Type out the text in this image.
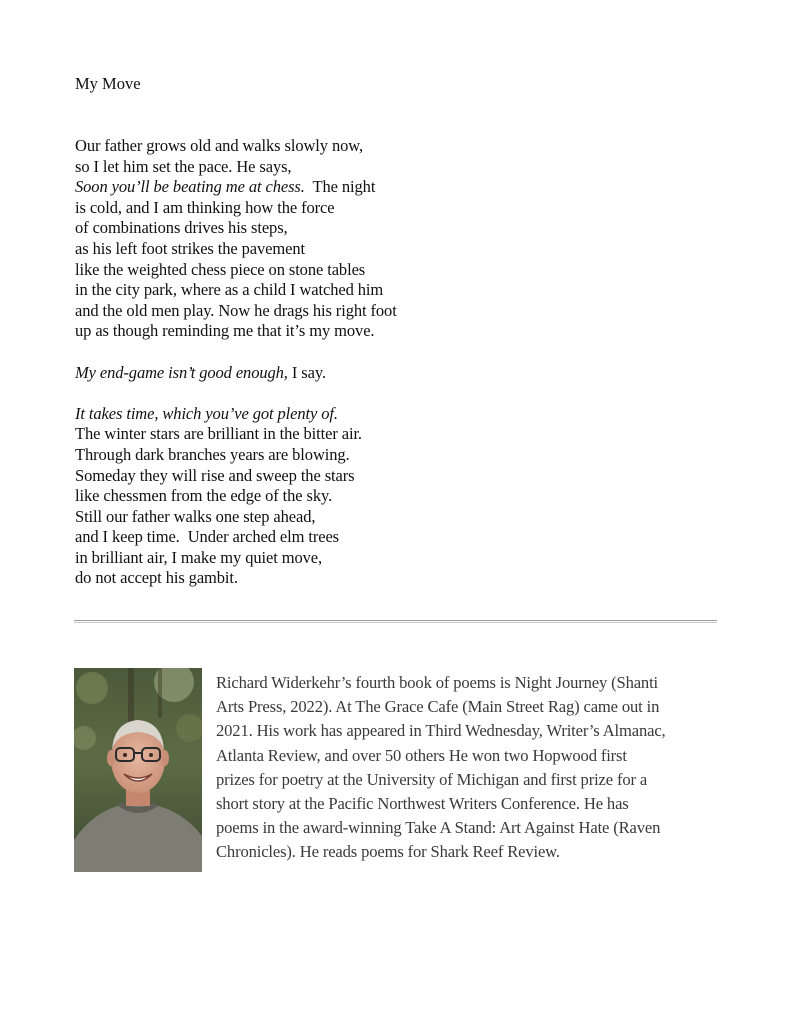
My Move
Our father grows old and walks slowly now,
so I let him set the pace. He says,
Soon you’ll be beating me at chess.  The night
is cold, and I am thinking how the force
of combinations drives his steps,
as his left foot strikes the pavement
like the weighted chess piece on stone tables
in the city park, where as a child I watched him
and the old men play. Now he drags his right foot
up as though reminding me that it’s my move.
My end-game isn’t good enough, I say.
It takes time, which you’ve got plenty of.
The winter stars are brilliant in the bitter air.
Through dark branches years are blowing.
Someday they will rise and sweep the stars
like chessmen from the edge of the sky.
Still our father walks one step ahead,
and I keep time.  Under arched elm trees
in brilliant air, I make my quiet move,
do not accept his gambit.
Richard Widerkehr’s fourth book of poems is Night Journey (Shanti
Arts Press, 2022). At The Grace Cafe (Main Street Rag) came out in
2021. His work has appeared in Third Wednesday, Writer’s Almanac,
Atlanta Review, and over 50 others He won two Hopwood first
prizes for poetry at the University of Michigan and first prize for a
short story at the Pacific Northwest Writers Conference. He has
poems in the award-winning Take A Stand: Art Against Hate (Raven
Chronicles). He reads poems for Shark Reef Review.
